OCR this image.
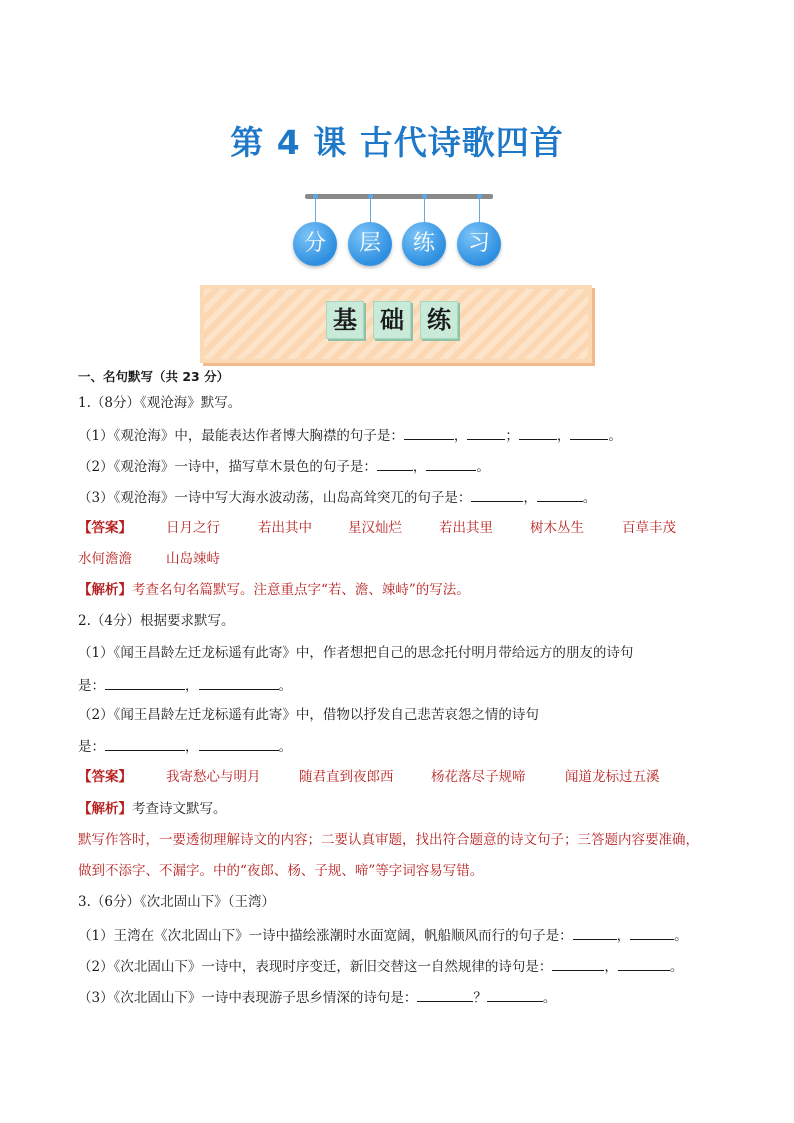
第 4 课 古代诗歌四首
分	层	练	习
基 础 练
一、名句默写（共 23 分）
1.（8分）《观沧海》默写。
（1）《观沧海》中，最能表达作者博大胸襟的句子是：	，	；	，	。
（2）《观沧海》一诗中，描写草木景色的句子是：	，	。
（3）《观沧海》一诗中写大海水波动荡，山岛高耸突兀的句子是：	，	。
【答案】	日月之行	若出其中	星汉灿烂	若出其里	树木丛生	百草丰茂
水何澹澹	山岛竦峙
【解析】考查名句名篇默写。注意重点字“若、澹、竦峙”的写法。
2.（4分）根据要求默写。
（1）《闻王昌龄左迁龙标遥有此寄》中，作者想把自己的思念托付明月带给远方的朋友的诗句
是：	，	。
（2）《闻王昌龄左迁龙标遥有此寄》中，借物以抒发自己悲苦哀怨之情的诗句
是：	，	。
【答案】	我寄愁心与明月	随君直到夜郎西	杨花落尽子规啼	闻道龙标过五溪
【解析】考查诗文默写。
默写作答时，一要透彻理解诗文的内容；二要认真审题，找出符合题意的诗文句子；三答题内容要准确，
做到不添字、不漏字。中的“夜郎、杨、子规、啼”等字词容易写错。
3.（6分）《次北固山下》（王湾）
（1）王湾在《次北固山下》一诗中描绘涨潮时水面宽阔，帆船顺风而行的句子是：	，	。
（2）《次北固山下》一诗中，表现时序变迁，新旧交替这一自然规律的诗句是：	，	。
（3）《次北固山下》一诗中表现游子思乡情深的诗句是：	？	。
